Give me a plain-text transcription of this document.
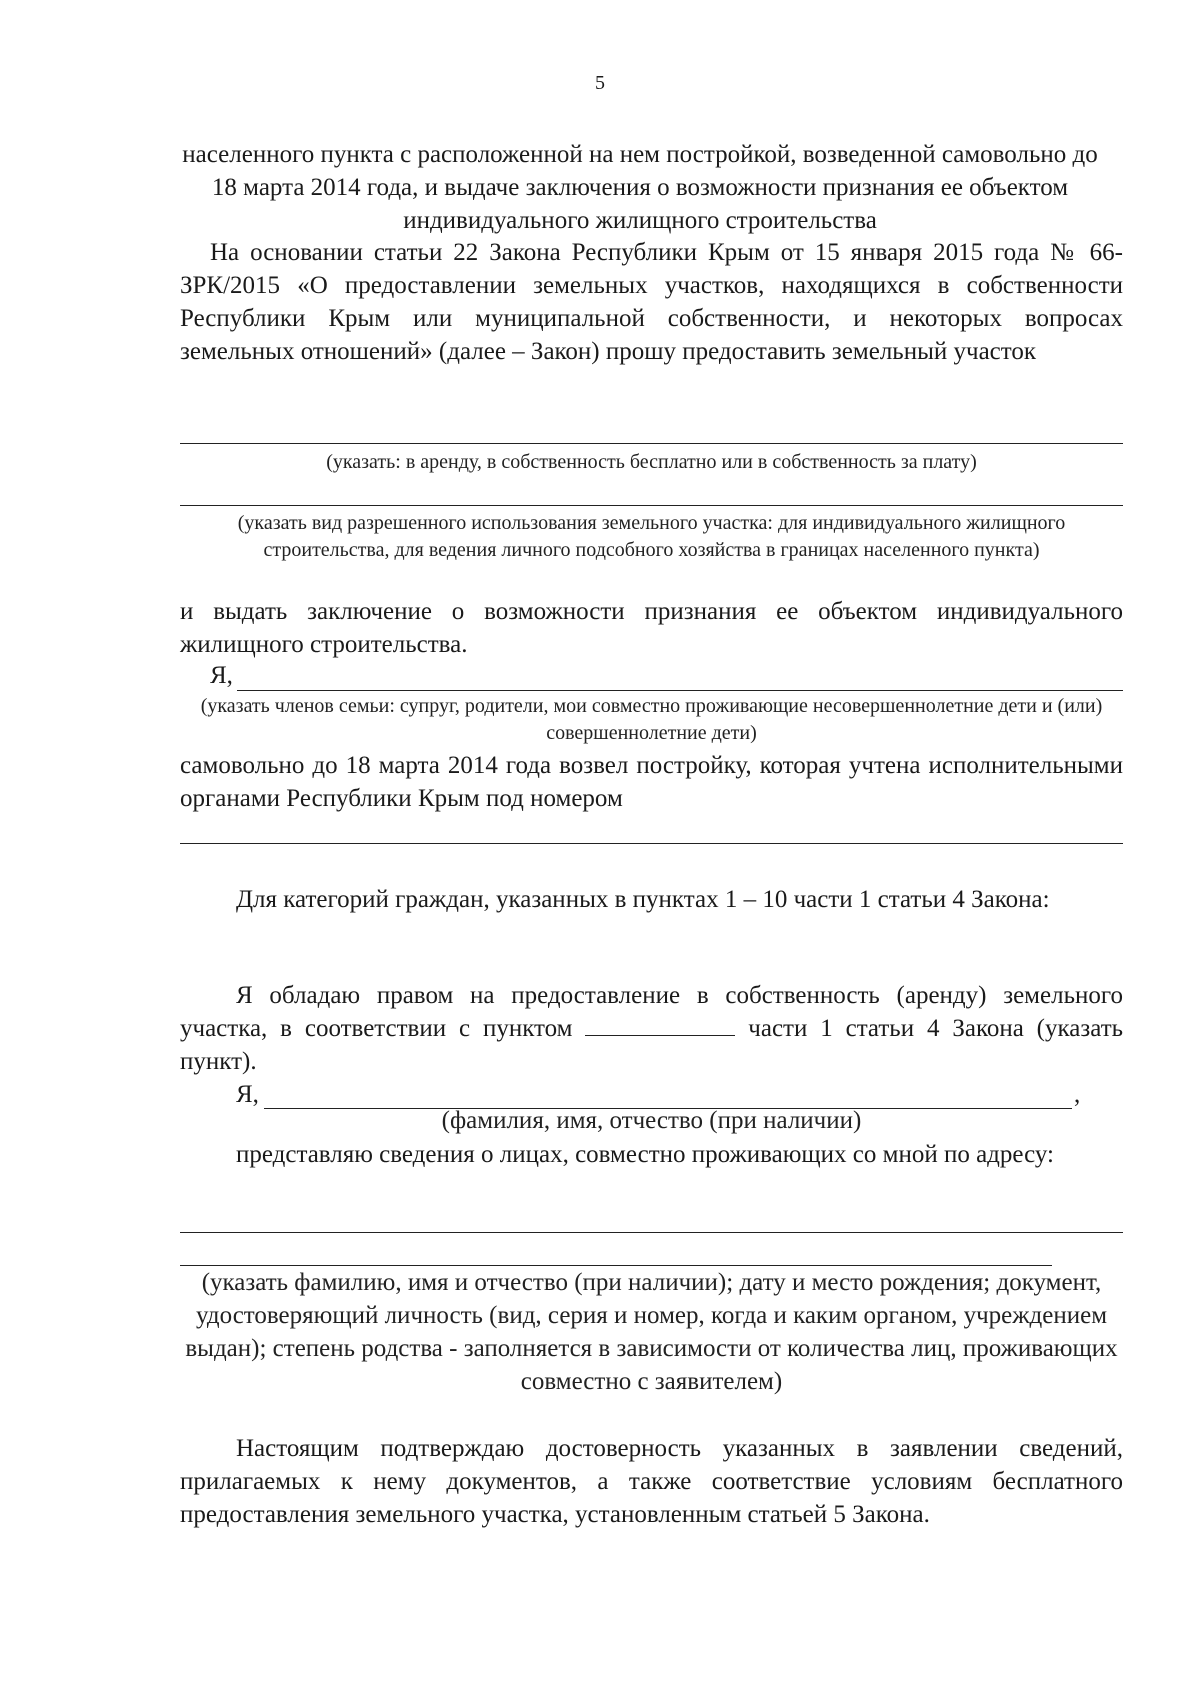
5
населенного пункта с расположенной на нем постройкой, возведенной самовольно до 18 марта 2014 года, и выдаче заключения о возможности признания ее объектом индивидуального жилищного строительства
На основании статьи 22 Закона Республики Крым от 15 января 2015 года № 66-ЗРК/2015 «О предоставлении земельных участков, находящихся в собственности Республики Крым или муниципальной собственности, и некоторых вопросах земельных отношений» (далее – Закон) прошу предоставить земельный участок
(указать: в аренду, в собственность бесплатно или в собственность за плату)
(указать вид разрешенного использования земельного участка: для индивидуального жилищного строительства, для ведения личного подсобного хозяйства в границах населенного пункта)
и выдать заключение о возможности признания ее объектом индивидуального жилищного строительства.
Я,
(указать членов семьи: супруг, родители, мои совместно проживающие несовершеннолетние дети и (или) совершеннолетние дети)
самовольно до 18 марта 2014 года возвел постройку, которая учтена исполнительными органами Республики Крым под номером
Для категорий граждан, указанных в пунктах 1 – 10 части 1 статьи 4 Закона:
Я обладаю правом на предоставление в собственность (аренду) земельного участка, в соответствии с пунктом	части 1 статьи 4 Закона (указать пункт).
Я,	,
(фамилия, имя, отчество (при наличии)
представляю сведения о лицах, совместно проживающих со мной по адресу:
(указать фамилию, имя и отчество (при наличии); дату и место рождения; документ, удостоверяющий личность (вид, серия и номер, когда и каким органом, учреждением выдан); степень родства - заполняется в зависимости от количества лиц, проживающих совместно с заявителем)
Настоящим подтверждаю достоверность указанных в заявлении сведений, прилагаемых к нему документов, а также соответствие условиям бесплатного предоставления земельного участка, установленным статьей 5 Закона.
